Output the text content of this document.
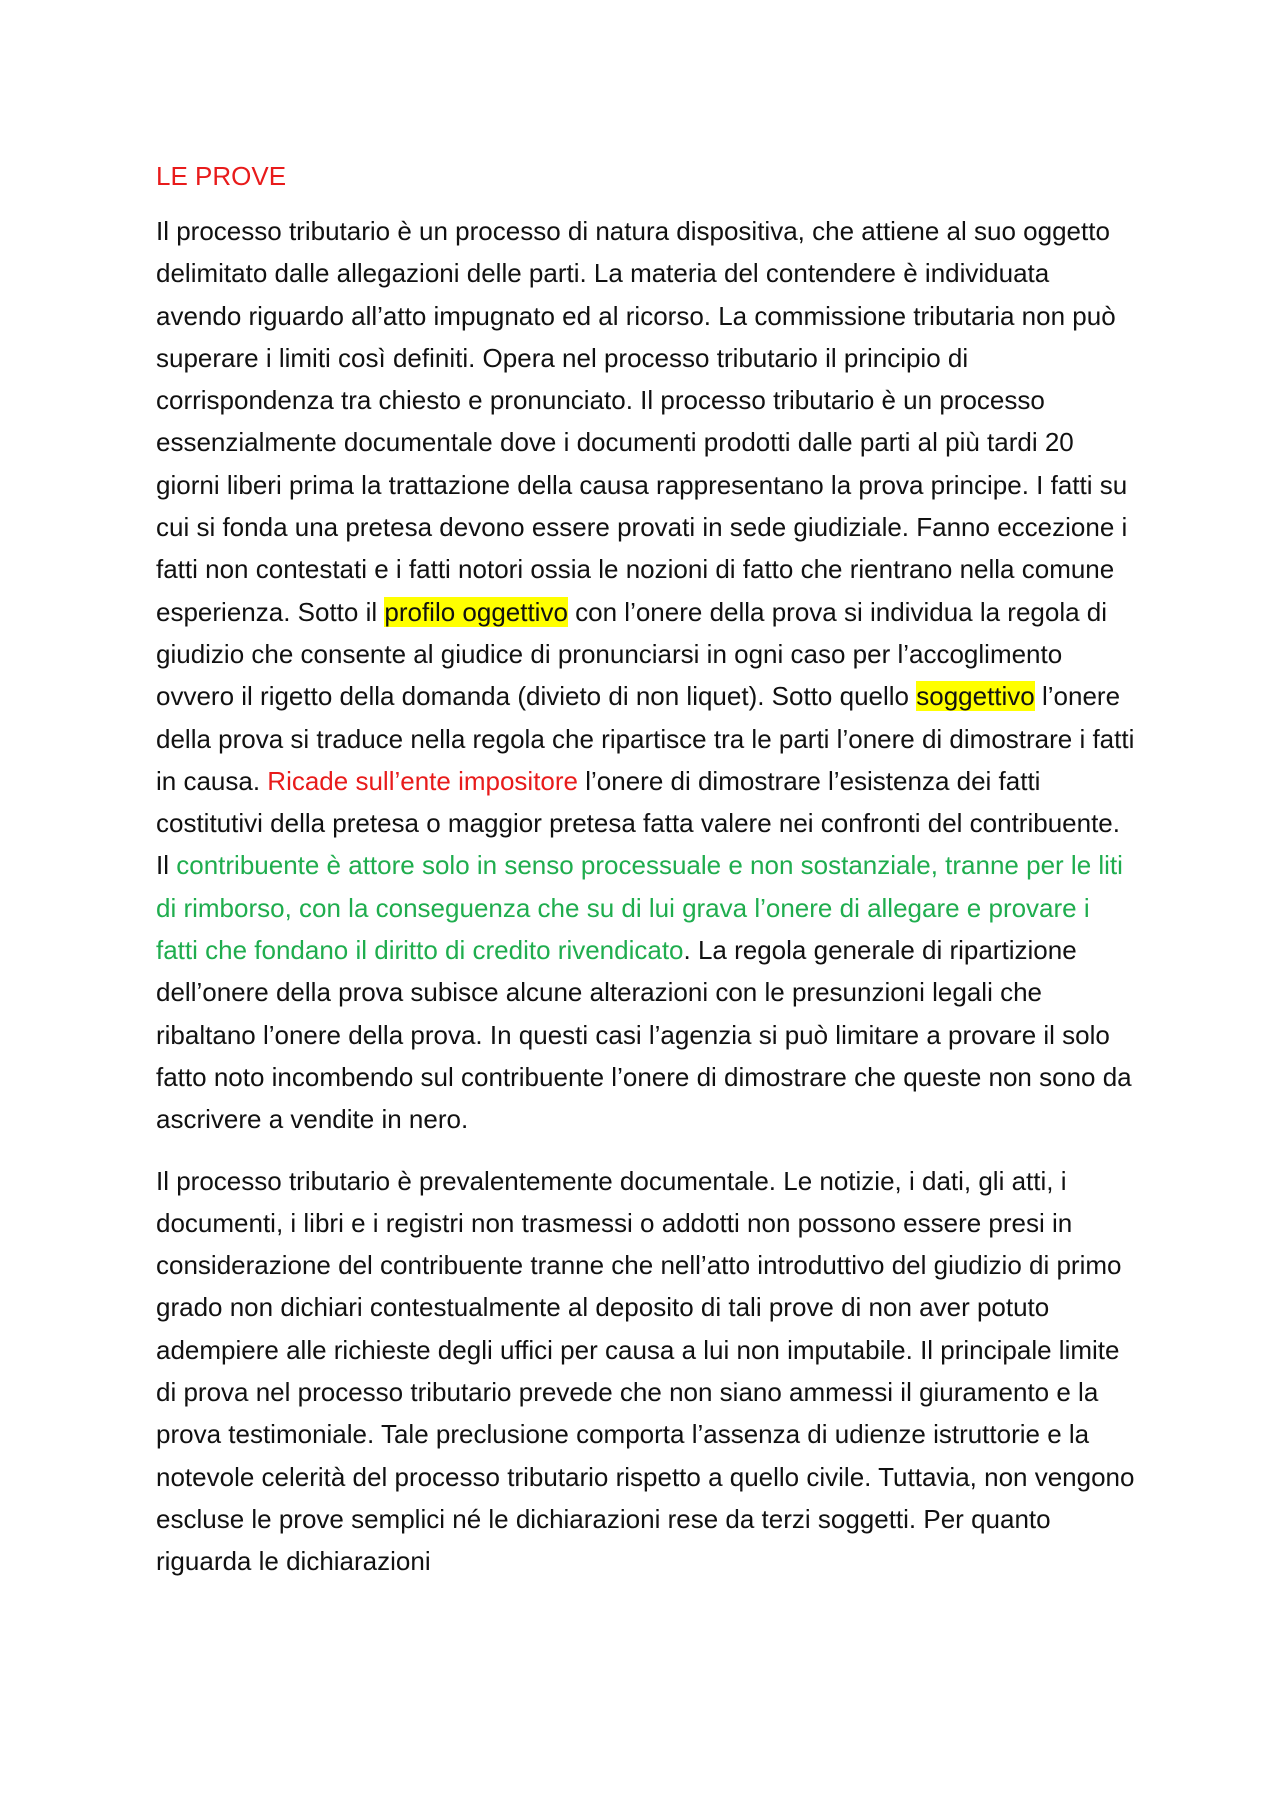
LE PROVE

Il processo tributario è un processo di natura dispositiva, che attiene al suo oggetto delimitato dalle allegazioni delle parti. La materia del contendere è individuata avendo riguardo all’atto impugnato ed al ricorso. La commissione tributaria non può superare i limiti così definiti. Opera nel processo tributario il principio di corrispondenza tra chiesto e pronunciato. Il processo tributario è un processo essenzialmente documentale dove i documenti prodotti dalle parti al più tardi 20 giorni liberi prima la trattazione della causa rappresentano la prova principe. I fatti su cui si fonda una pretesa devono essere provati in sede giudiziale. Fanno eccezione i fatti non contestati e i fatti notori ossia le nozioni di fatto che rientrano nella comune esperienza. Sotto il profilo oggettivo con l’onere della prova si individua la regola di giudizio che consente al giudice di pronunciarsi in ogni caso per l’accoglimento ovvero il rigetto della domanda (divieto di non liquet). Sotto quello soggettivo l’onere della prova si traduce nella regola che ripartisce tra le parti l’onere di dimostrare i fatti in causa. Ricade sull’ente impositore l’onere di dimostrare l’esistenza dei fatti costitutivi della pretesa o maggior pretesa fatta valere nei confronti del contribuente. Il contribuente è attore solo in senso processuale e non sostanziale, tranne per le liti di rimborso, con la conseguenza che su di lui grava l’onere di allegare e provare i fatti che fondano il diritto di credito rivendicato. La regola generale di ripartizione dell’onere della prova subisce alcune alterazioni con le presunzioni legali che ribaltano l’onere della prova. In questi casi l’agenzia si può limitare a provare il solo fatto noto incombendo sul contribuente l’onere di dimostrare che queste non sono da ascrivere a vendite in nero.

Il processo tributario è prevalentemente documentale. Le notizie, i dati, gli atti, i documenti, i libri e i registri non trasmessi o addotti non possono essere presi in considerazione del contribuente tranne che nell’atto introduttivo del giudizio di primo grado non dichiari contestualmente al deposito di tali prove di non aver potuto adempiere alle richieste degli uffici per causa a lui non imputabile. Il principale limite di prova nel processo tributario prevede che non siano ammessi il giuramento e la prova testimoniale. Tale preclusione comporta l’assenza di udienze istruttorie e la notevole celerità del processo tributario rispetto a quello civile. Tuttavia, non vengono escluse le prove semplici né le dichiarazioni rese da terzi soggetti. Per quanto riguarda le dichiarazioni
